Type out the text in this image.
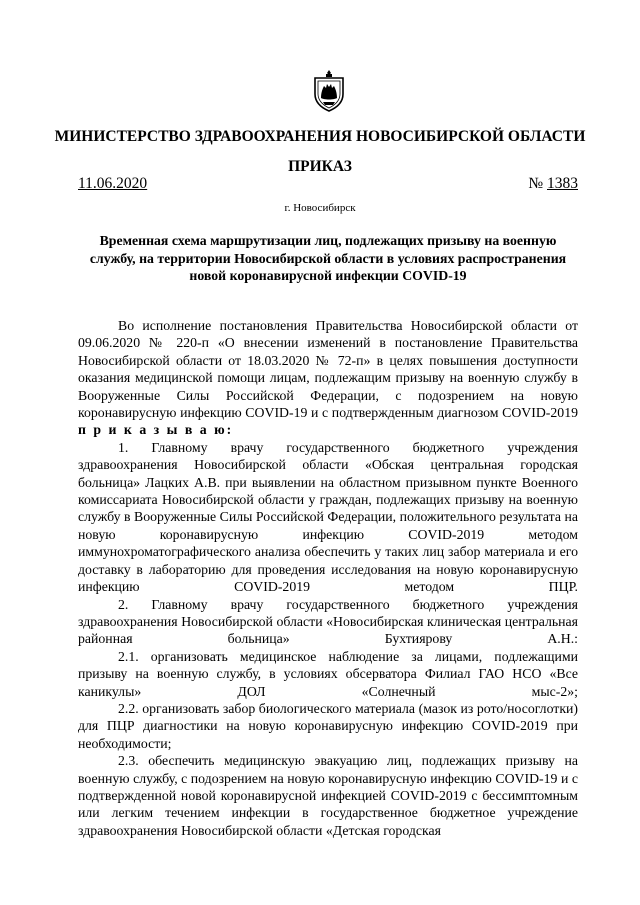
МИНИСТЕРСТВО ЗДРАВООХРАНЕНИЯ НОВОСИБИРСКОЙ ОБЛАСТИ
ПРИКАЗ
11.06.2020	№ 1383
г. Новосибирск
Временная схема маршрутизации лиц, подлежащих призыву на военную службу, на территории Новосибирской области в условиях распространения новой коронавирусной инфекции COVID-19

Во исполнение постановления Правительства Новосибирской области от 09.06.2020 № 220-п «О внесении изменений в постановление Правительства Новосибирской области от 18.03.2020 № 72-п» в целях повышения доступности оказания медицинской помощи лицам, подлежащим призыву на военную службу в Вооруженные Силы Российской Федерации, с подозрением на новую коронавирусную инфекцию COVID-19 и с подтвержденным диагнозом COVID-2019 п р и к а з ы в а ю:

1. Главному врачу государственного бюджетного учреждения здравоохранения Новосибирской области «Обская центральная городская больница» Лацких А.В. при выявлении на областном призывном пункте Военного комиссариата Новосибирской области у граждан, подлежащих призыву на военную службу в Вооруженные Силы Российской Федерации, положительного результата на новую коронавирусную инфекцию COVID-2019 методом иммунохроматографического анализа обеспечить у таких лиц забор материала и его доставку в лабораторию для проведения исследования на новую коронавирусную инфекцию COVID-2019 методом ПЦР.

2. Главному врачу государственного бюджетного учреждения здравоохранения Новосибирской области «Новосибирская клиническая центральная районная больница» Бухтиярову А.Н.:

2.1. организовать медицинское наблюдение за лицами, подлежащими призыву на военную службу, в условиях обсерватора Филиал ГАО НСО «Все каникулы» ДОЛ «Солнечный мыс-2»;

2.2. организовать забор биологического материала (мазок из рото/носоглотки) для ПЦР диагностики на новую коронавирусную инфекцию COVID-2019 при необходимости;

2.3. обеспечить медицинскую эвакуацию лиц, подлежащих призыву на военную службу, с подозрением на новую коронавирусную инфекцию COVID-19 и с подтвержденной новой коронавирусной инфекцией COVID-2019 с бессимптомным или легким течением инфекции в государственное бюджетное учреждение здравоохранения Новосибирской области «Детская городская
